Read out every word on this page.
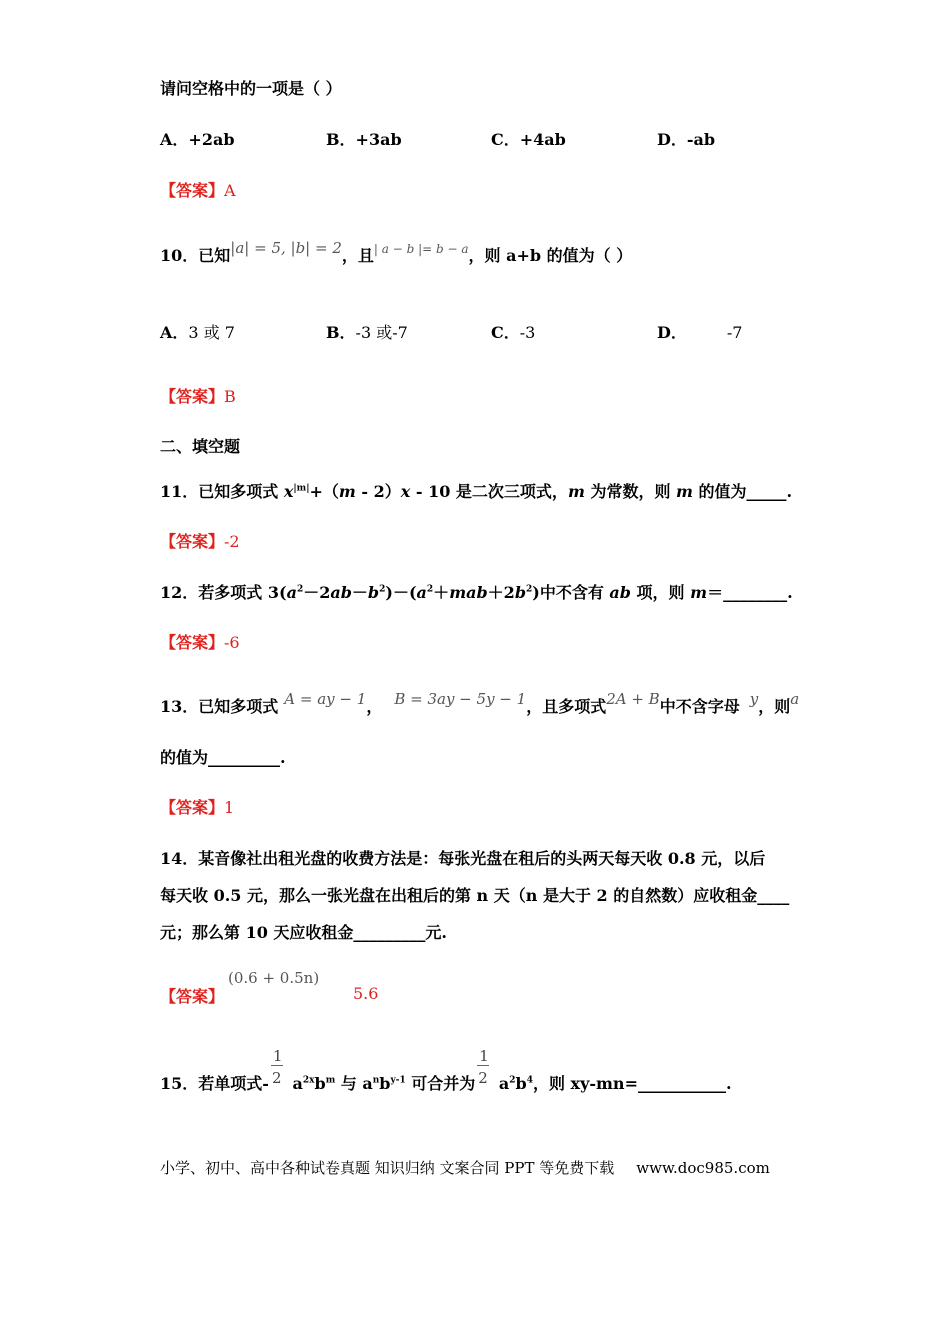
请问空格中的一项是（ ）
A．+2ab	B．+3ab	C．+4ab	D．-ab
【答案】A
10．已知|a| = 5, |b| = 2，且$^{| a - b |= b - a}$，则 a+b 的值为（ ）
A．3 或 7	B．-3 或-7	C．-3	D．	-7
【答案】B
二、填空题
11．已知多项式 $x^{|m|}+(m - 2)x - 10$ 是二次三项式，m 为常数，则 m 的值为_____.
【答案】-2
12．若多项式 $3(a^2-2ab-b^2)-(a^2+mab+2b^2)$中不含有 ab 项，则 m＝________.
【答案】-6
13．已知多项式 A = ay − 1， B = 3ay − 5y − 1，且多项式2A + B中不含字母 y，则a
的值为_________.
【答案】1
14．某音像社出租光盘的收费方法是：每张光盘在租后的头两天每天收 0.8 元，以后
每天收 0.5 元，那么一张光盘在出租后的第 n 天（n 是大于 2 的自然数）应收租金____
元；那么第 10 天应收租金_________元.
【答案】
(0.6 + 0.5n)
5.6
15．若单项式- $\frac{1}{2} a^{2x}b^m$ 与 $a^nb^{y-1}$ 可合并为 $\frac{1}{2} a^2b^4$，则 xy-mn=___________.
小学、初中、高中各种试卷真题 知识归纳 文案合同 PPT 等免费下载 www.doc985.com
